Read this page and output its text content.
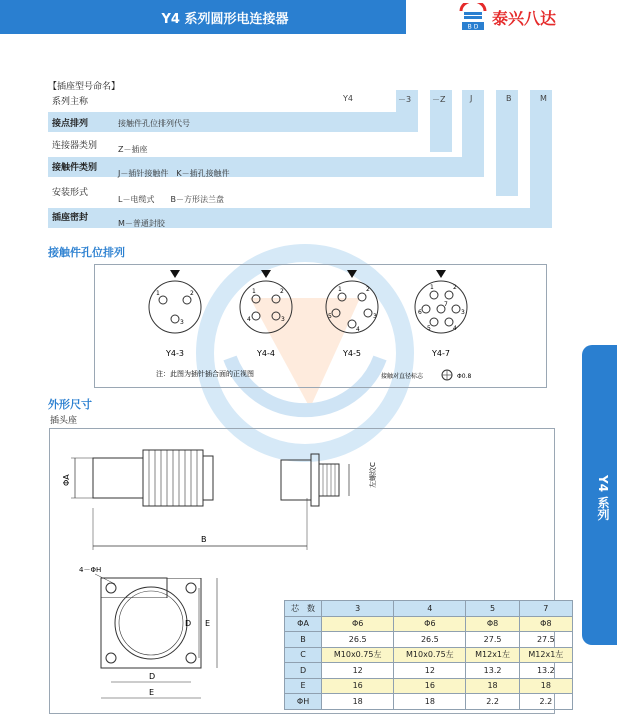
Y4 系列圆形电连接器	B D 泰兴八达
【插座型号命名】
Y4	－3	－Z	J	B	M
系列主称
接点排列	接触件孔位排列代号
连接器类别	Z－插座
接触件类别
J－插针接触件　K－插孔接触件
安装形式
L－电缆式　　B－方形法兰盘
插座密封
M－普通封胶
接触件孔位排列
1	2
3
Y4-3
1	2
3
4
Y4-4
1	2
3
4
5
Y4-5
1	2
3
4
5
6
7
Y4-7
注：此图为插针插合面的正视图	接触对直径标志	Φ0.8
外形尺寸
插头座
ΦA
B
左螺纹C
4－ΦH
D E
D
E
芯　数	3	4	5	7
ΦA	Φ6	Φ6	Φ8	Φ8
B	26.5	26.5	27.5	27.5
C	M10x0.75左	M10x0.75左	M12x1左	M12x1左
D	12	12	13.2	13.2
E	16	16	18	18
ΦH	18	18	2.2	2.2
Y4 系列
